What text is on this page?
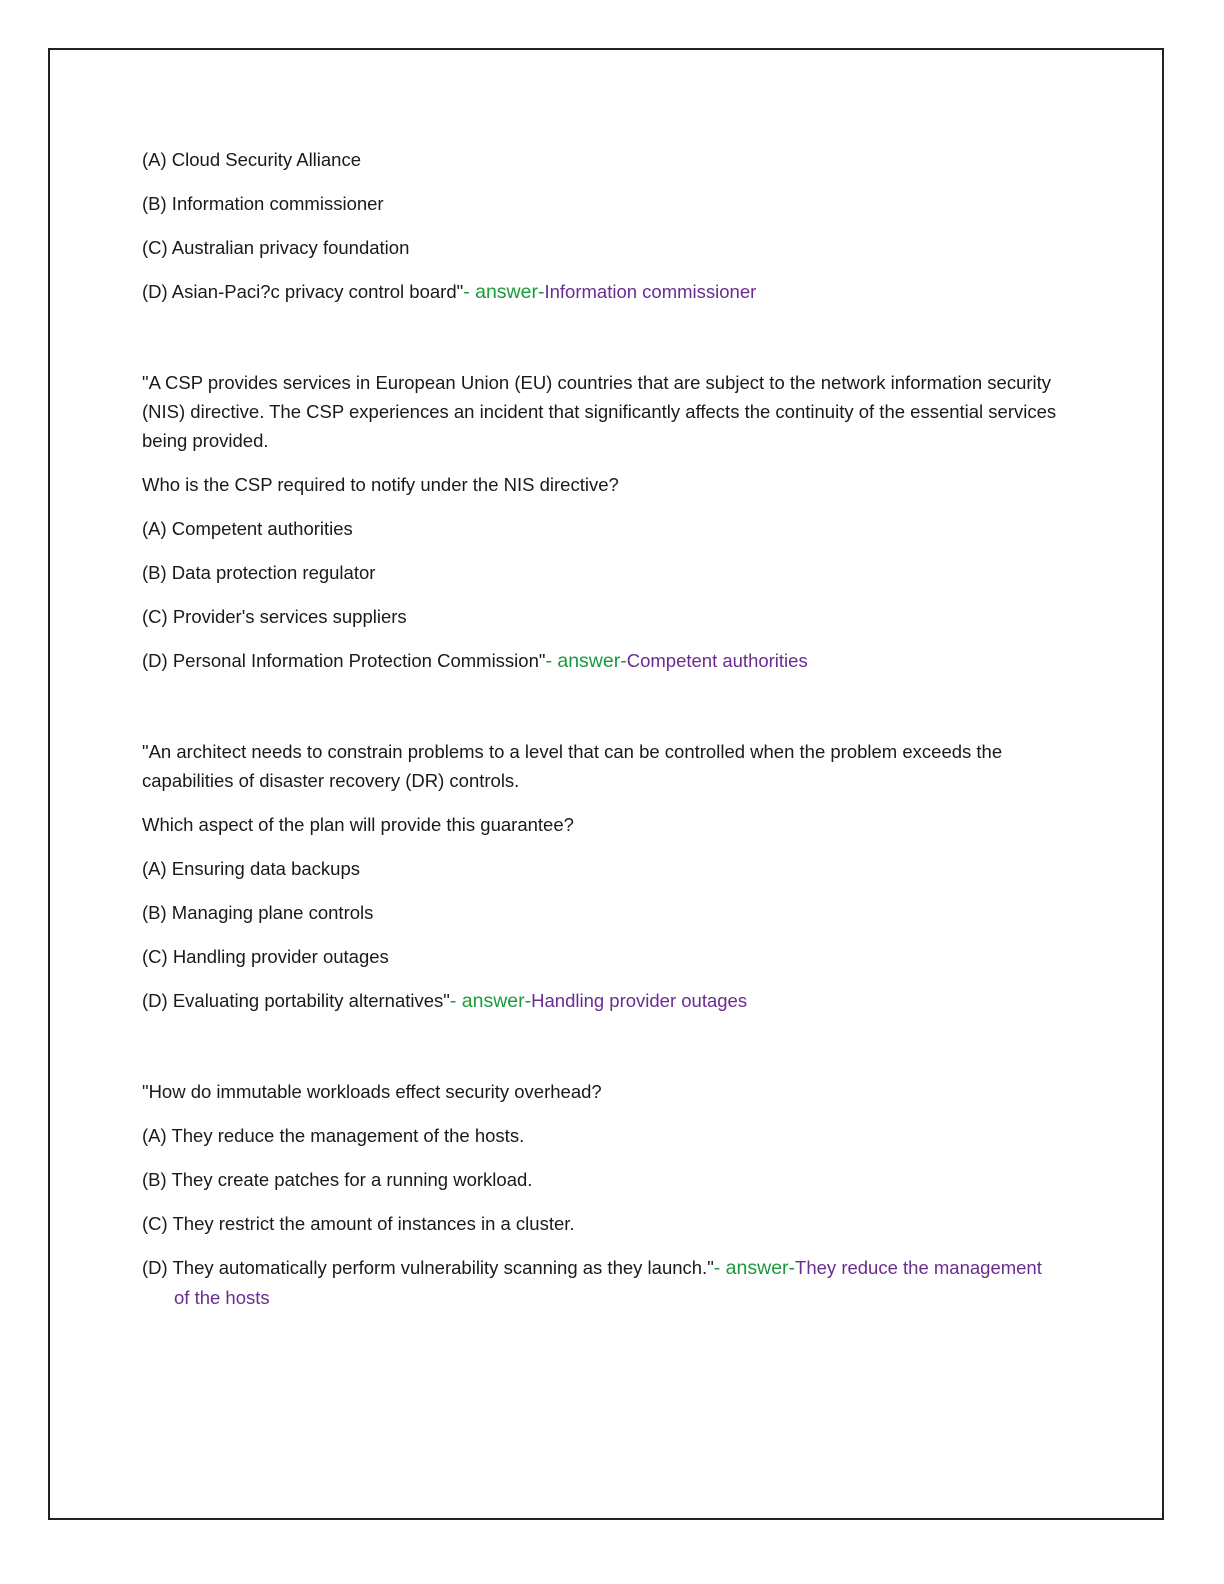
(A) Cloud Security Alliance
(B) Information commissioner
(C) Australian privacy foundation
(D) Asian-Paci?c privacy control board"- answer-Information commissioner
"A CSP provides services in European Union (EU) countries that are subject to the network information security (NIS) directive. The CSP experiences an incident that significantly affects the continuity of the essential services being provided.
Who is the CSP required to notify under the NIS directive?
(A) Competent authorities
(B) Data protection regulator
(C) Provider's services suppliers
(D) Personal Information Protection Commission"- answer-Competent authorities
"An architect needs to constrain problems to a level that can be controlled when the problem exceeds the capabilities of disaster recovery (DR) controls.
Which aspect of the plan will provide this guarantee?
(A) Ensuring data backups
(B) Managing plane controls
(C) Handling provider outages
(D) Evaluating portability alternatives"- answer-Handling provider outages
"How do immutable workloads effect security overhead?
(A) They reduce the management of the hosts.
(B) They create patches for a running workload.
(C) They restrict the amount of instances in a cluster.
(D) They automatically perform vulnerability scanning as they launch."- answer-They reduce the management of the hosts
